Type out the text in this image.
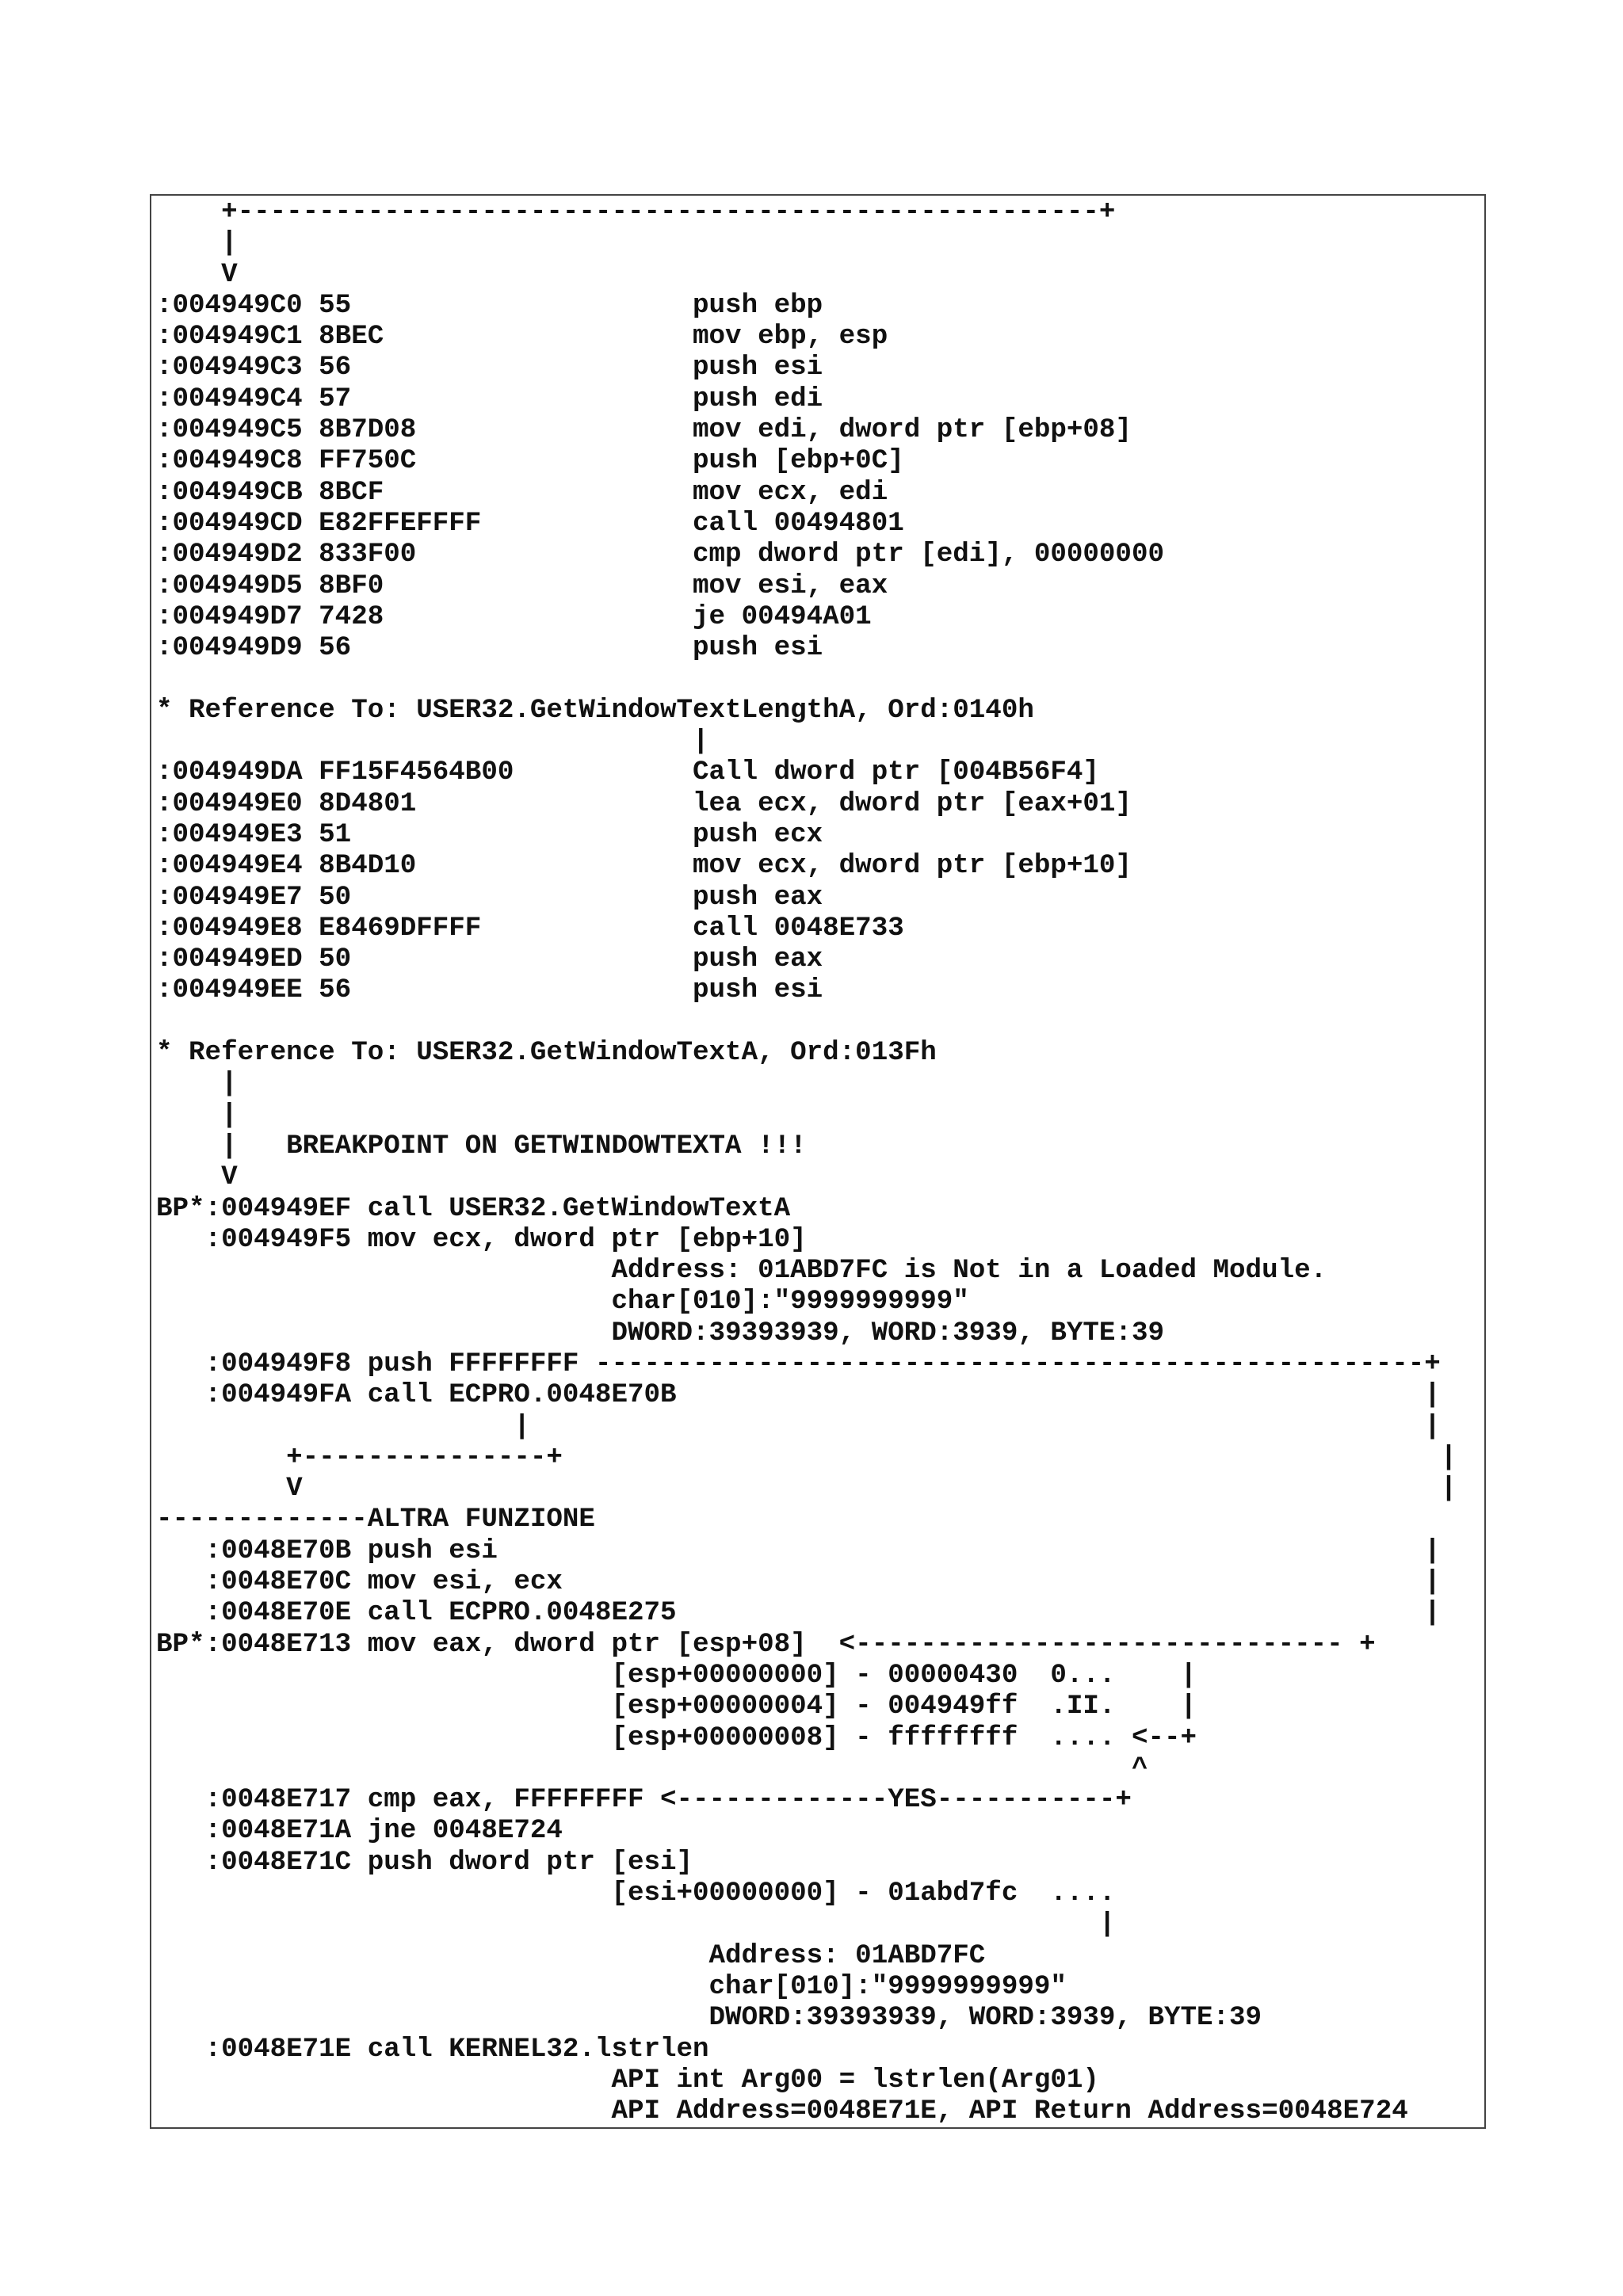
+-----------------------------------------------------+
|
V
:004949C0 55                     push ebp
:004949C1 8BEC                   mov ebp, esp
:004949C3 56                     push esi
:004949C4 57                     push edi
:004949C5 8B7D08                 mov edi, dword ptr [ebp+08]
:004949C8 FF750C                 push [ebp+0C]
:004949CB 8BCF                   mov ecx, edi
:004949CD E82FFEFFFF             call 00494801
:004949D2 833F00                 cmp dword ptr [edi], 00000000
:004949D5 8BF0                   mov esi, eax
:004949D7 7428                   je 00494A01
:004949D9 56                     push esi
* Reference To: USER32.GetWindowTextLengthA, Ord:0140h
|
:004949DA FF15F4564B00           Call dword ptr [004B56F4]
:004949E0 8D4801                 lea ecx, dword ptr [eax+01]
:004949E3 51                     push ecx
:004949E4 8B4D10                 mov ecx, dword ptr [ebp+10]
:004949E7 50                     push eax
:004949E8 E8469DFFFF             call 0048E733
:004949ED 50                     push eax
:004949EE 56                     push esi
* Reference To: USER32.GetWindowTextA, Ord:013Fh
|
|
|   BREAKPOINT ON GETWINDOWTEXTA !!!
V
BP*:004949EF call USER32.GetWindowTextA
:004949F5 mov ecx, dword ptr [ebp+10]
Address: 01ABD7FC is Not in a Loaded Module.
char[010]:"9999999999"
DWORD:39393939, WORD:3939, BYTE:39
:004949F8 push FFFFFFFF ---------------------------------------------------+
:004949FA call ECPRO.0048E70B                                              |
|                                                       |
+---------------+                                                      |
V                                                                      |
-------------ALTRA FUNZIONE
:0048E70B push esi                                                         |
:0048E70C mov esi, ecx                                                     |
:0048E70E call ECPRO.0048E275                                              |
BP*:0048E713 mov eax, dword ptr [esp+08]  <------------------------------ +
[esp+00000000] - 00000430  0...    |
[esp+00000004] - 004949ff  .II.    |
[esp+00000008] - ffffffff  .... <--+
^
:0048E717 cmp eax, FFFFFFFF <-------------YES-----------+
:0048E71A jne 0048E724
:0048E71C push dword ptr [esi]
[esi+00000000] - 01abd7fc  ....
|
Address: 01ABD7FC
char[010]:"9999999999"
DWORD:39393939, WORD:3939, BYTE:39
:0048E71E call KERNEL32.lstrlen
API int Arg00 = lstrlen(Arg01)
API Address=0048E71E, API Return Address=0048E724
